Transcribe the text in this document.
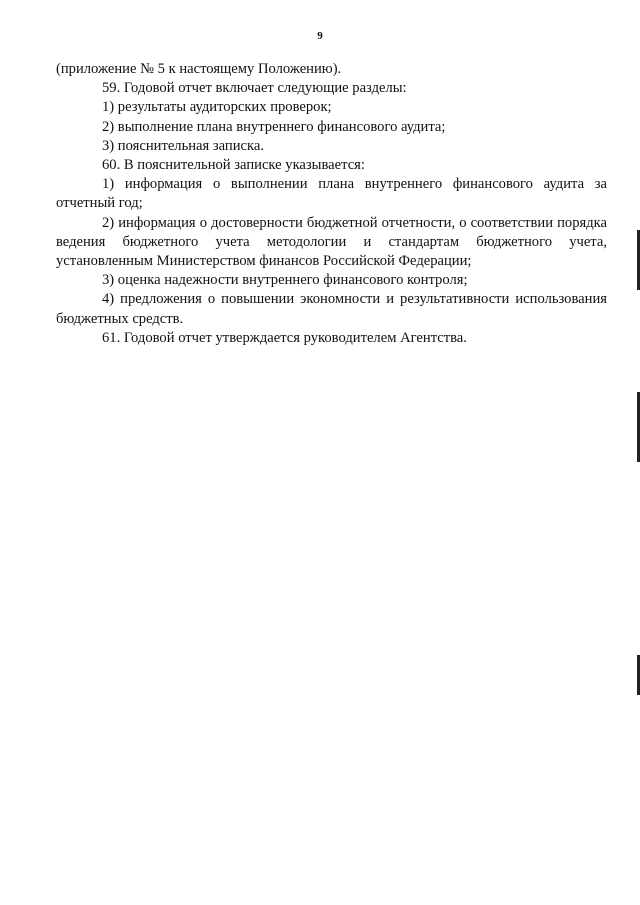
9

(приложение № 5 к настоящему Положению).

59. Годовой отчет включает следующие разделы:

1) результаты аудиторских проверок;

2) выполнение плана внутреннего финансового аудита;

3) пояснительная записка.

60. В пояснительной записке указывается:

1) информация о выполнении плана внутреннего финансового аудита за отчетный год;

2) информация о достоверности бюджетной отчетности, о соответствии порядка ведения бюджетного учета методологии и стандартам бюджетного учета, установленным Министерством финансов Российской Федерации;

3) оценка надежности внутреннего финансового контроля;

4) предложения о повышении экономности и результативности использования бюджетных средств.

61. Годовой отчет утверждается руководителем Агентства.
